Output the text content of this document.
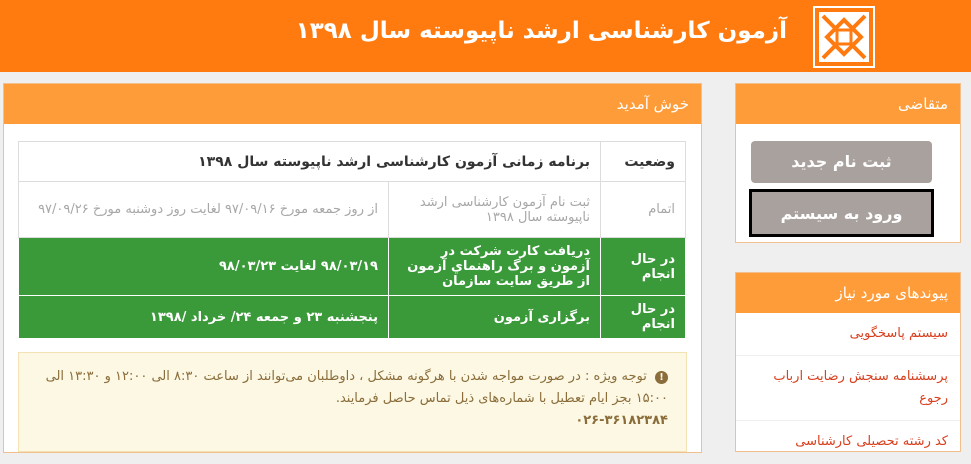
آزمون کارشناسی ارشد ناپیوسته سال ۱۳۹۸
متقاضی
ثبت نام جدید
ورود به سیستم
پیوندهای مورد نیاز
سیستم پاسخگویی
پرسشنامه سنجش رضایت ارباب رجوع
کد رشته تحصیلی کارشناسی
خوش آمدید
وضعیت	برنامه زمانی آزمون کارشناسی ارشد ناپیوسته سال ۱۳۹۸	
اتمام	ثبت نام آزمون کارشناسی ارشد ناپیوسته سال ۱۳۹۸	از روز جمعه مورخ ۹۷/۰۹/۱۶ لغایت روز دوشنبه مورخ ۹۷/۰۹/۲۶
در حال انجام	دریافت کارت شرکت در آزمون و برگ راهنماي آزمون از طریق سایت سازمان	۹۸/۰۳/۱۹ لغایت ۹۸/۰۳/۲۳
در حال انجام	برگزاری آزمون	پنجشنبه ۲۳ و جمعه ۲۴/ خرداد /۱۳۹۸
! توجه ویژه : در صورت مواجه شدن با هرگونه مشکل ، داوطلبان می‌توانند از ساعت ۸:۳۰ الی ۱۲:۰۰ و ۱۳:۳۰ الی ۱۵:۰۰ بجز ایام تعطیل با شماره‌های ذیل تماس حاصل فرمایند.
۰۲۶-۳۶۱۸۲۳۸۴
